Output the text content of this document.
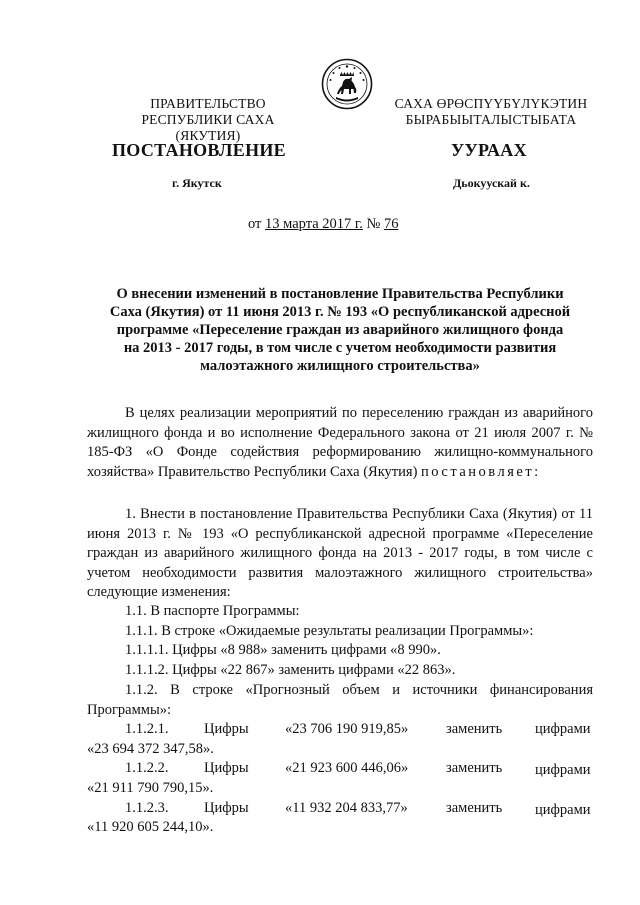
ПРАВИТЕЛЬСТВО
РЕСПУБЛИКИ САХА (ЯКУТИЯ)
САХА ӨРӨСПҮҮБҮЛҮКЭТИН
БЫРАБЫЫТАЛЫСТЫБАТА
ПОСТАНОВЛЕНИЕ	УУРААХ
г. Якутск	Дьокуускай к.
от 13 марта 2017 г. № 76
О внесении изменений в постановление Правительства Республики
Саха (Якутия) от 11 июня 2013 г. № 193 «О республиканской адресной
программе «Переселение граждан из аварийного жилищного фонда
на 2013 - 2017 годы, в том числе с учетом необходимости развития
малоэтажного жилищного строительства»
В целях реализации мероприятий по переселению граждан из аварийного жилищного фонда и во исполнение Федерального закона от 21 июля 2007 г. № 185-ФЗ «О Фонде содействия реформированию жилищно-коммунального хозяйства» Правительство Республики Саха (Якутия) постановляет:
1. Внести в постановление Правительства Республики Саха (Якутия) от 11 июня 2013 г. № 193 «О республиканской адресной программе «Переселение граждан из аварийного жилищного фонда на 2013 - 2017 годы, в том числе с учетом необходимости развития малоэтажного жилищного строительства» следующие изменения:
1.1. В паспорте Программы:
1.1.1. В строке «Ожидаемые результаты реализации Программы»:
1.1.1.1. Цифры «8 988» заменить цифрами «8 990».
1.1.1.2. Цифры «22 867» заменить цифрами «22 863».
1.1.2. В строке «Прогнозный объем и источники финансирования Программы»:
1.1.2.1. Цифры	«23 706 190 919,85»	заменить цифрами
«23 694 372 347,58».
1.1.2.2. Цифры	«21 923 600 446,06»	заменить цифрами
«21 911 790 790,15».
1.1.2.3. Цифры	«11 932 204 833,77»	заменить цифрами
«11 920 605 244,10».
